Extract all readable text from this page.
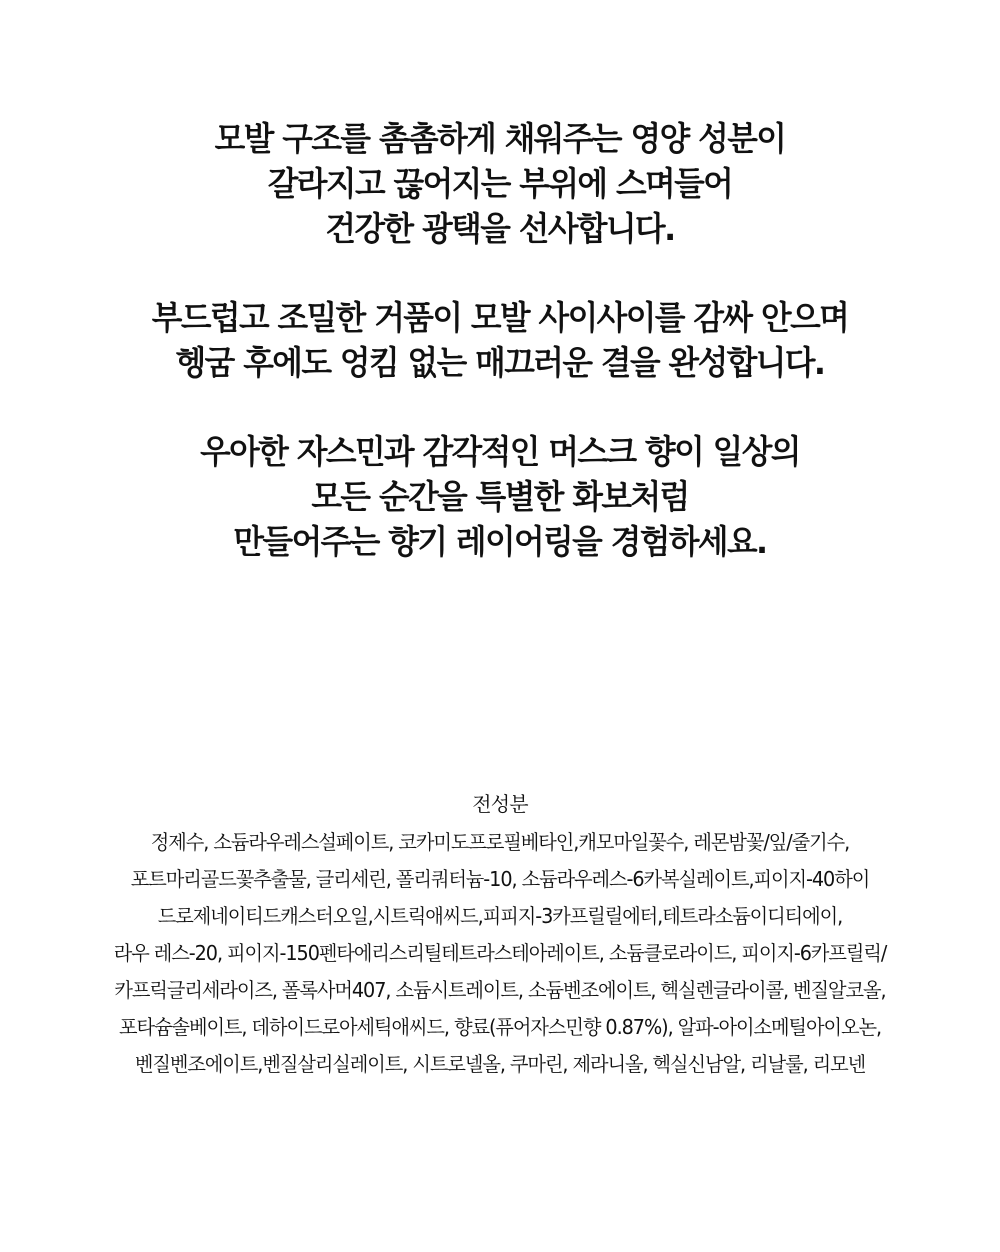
모발 구조를 촘촘하게 채워주는 영양 성분이
갈라지고 끊어지는 부위에 스며들어
건강한 광택을 선사합니다.

부드럽고 조밀한 거품이 모발 사이사이를 감싸 안으며
헹굼 후에도 엉킴 없는 매끄러운 결을 완성합니다.

우아한 자스민과 감각적인 머스크 향이 일상의
모든 순간을 특별한 화보처럼
만들어주는 향기 레이어링을 경험하세요.

전성분
정제수, 소듐라우레스설페이트, 코카미도프로필베타인,캐모마일꽃수, 레몬밤꽃/잎/줄기수,
포트마리골드꽃추출물, 글리세린, 폴리쿼터늄-10, 소듐라우레스-6카복실레이트,피이지-40하이
드로제네이티드캐스터오일,시트릭애씨드,피피지-3카프릴릴에터,테트라소듐이디티에이,
라우 레스-20, 피이지-150펜타에리스리틸테트라스테아레이트, 소듐클로라이드, 피이지-6카프릴릭/
카프릭글리세라이즈, 폴록사머407, 소듐시트레이트, 소듐벤조에이트, 헥실렌글라이콜, 벤질알코올,
포타슘솔베이트, 데하이드로아세틱애씨드, 향료(퓨어자스민향 0.87%), 알파-아이소메틸아이오논,
벤질벤조에이트,벤질살리실레이트, 시트로넬올, 쿠마린, 제라니올, 헥실신남알, 리날룰, 리모넨
